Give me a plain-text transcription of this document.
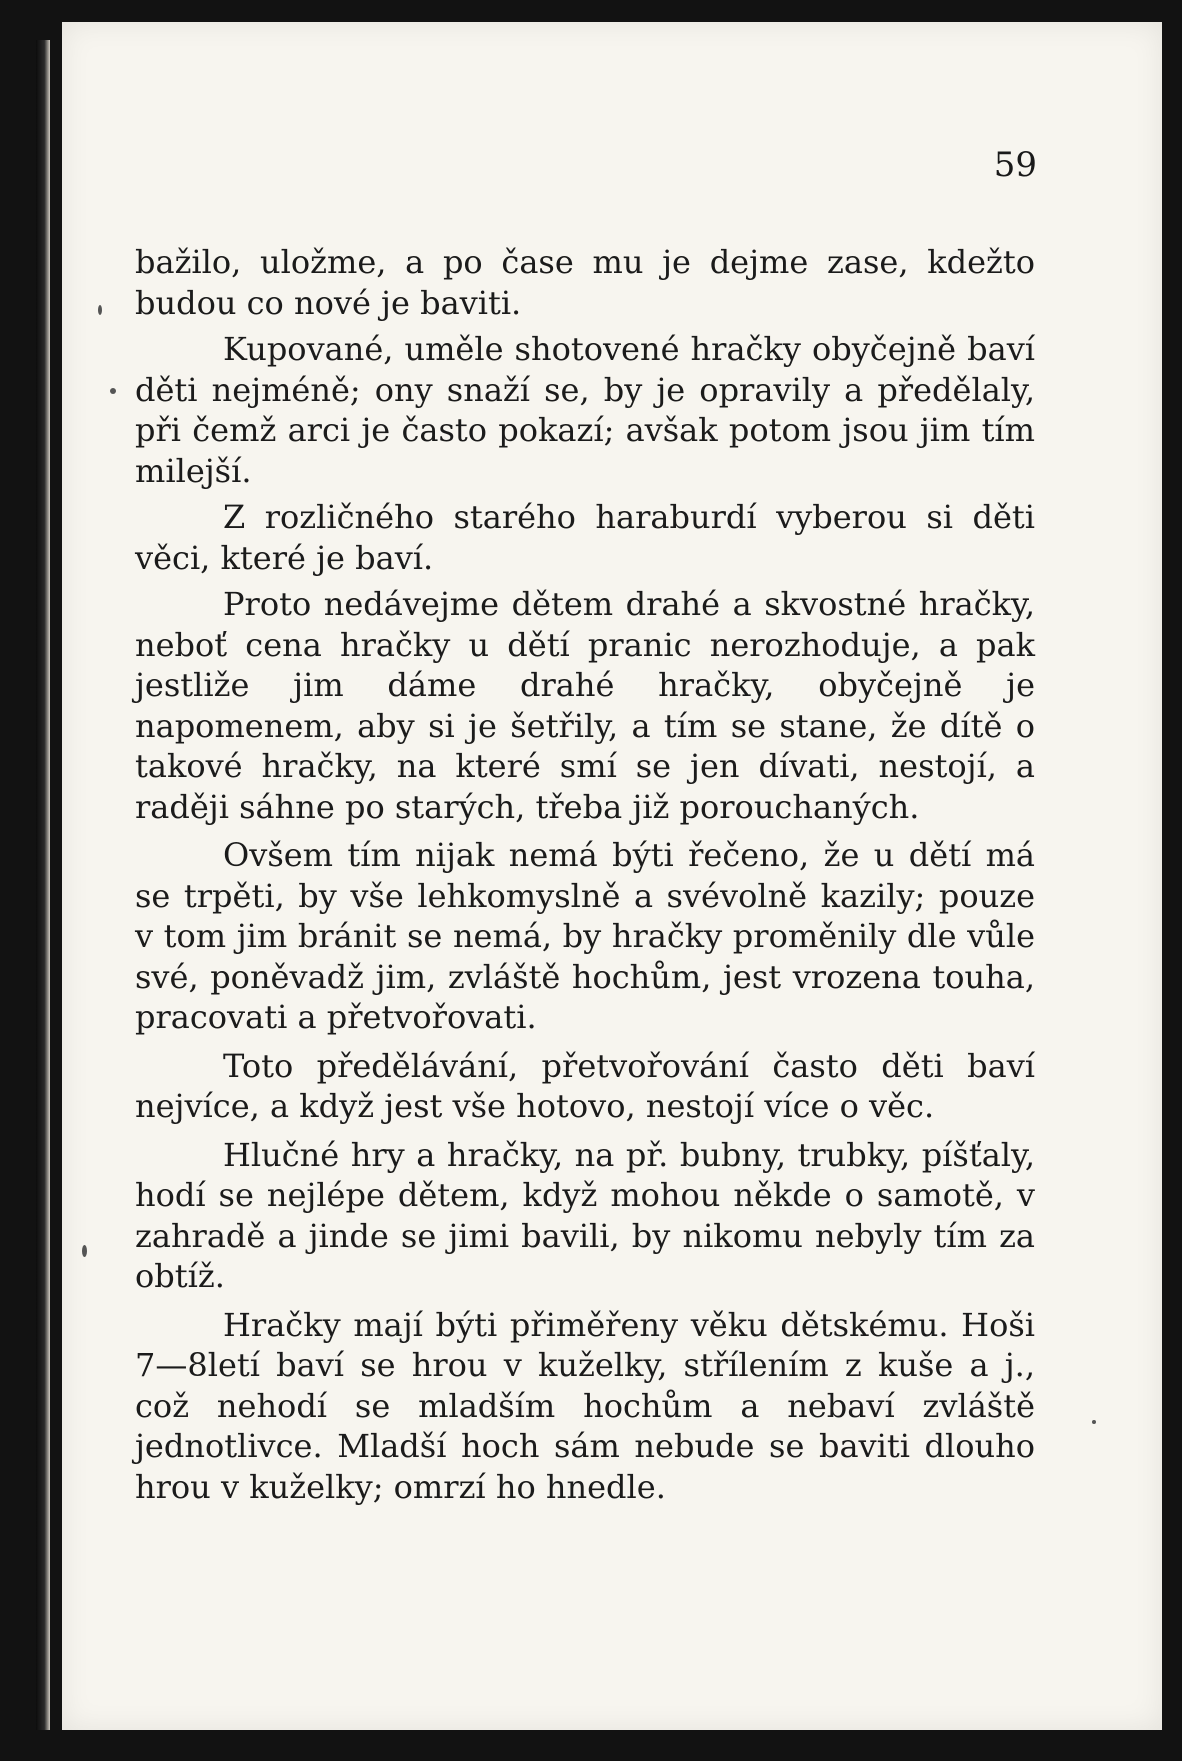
59

bažilo, uložme, a po čase mu je dejme zase, kdežto budou co nové je baviti.

Kupované, uměle shotovené hračky obyčejně baví děti nejméně; ony snaží se, by je opravily a předělaly, při čemž arci je často pokazí; avšak potom jsou jim tím milejší.

Z rozličného starého haraburdí vyberou si děti věci, které je baví.

Proto nedávejme dětem drahé a skvostné hračky, neboť cena hračky u dětí pranic nerozhoduje, a pak jestliže jim dáme drahé hračky, obyčejně je napomenem, aby si je šetřily, a tím se stane, že dítě o takové hračky, na které smí se jen dívati, nestojí, a raději sáhne po starých, třeba již porouchaných.

Ovšem tím nijak nemá býti řečeno, že u dětí má se trpěti, by vše lehkomyslně a svévolně kazily; pouze v tom jim bránit se nemá, by hračky proměnily dle vůle své, poněvadž jim, zvláště hochům, jest vrozena touha, pracovati a přetvořovati.

Toto předělávání, přetvořování často děti baví nejvíce, a když jest vše hotovo, nestojí více o věc.

Hlučné hry a hračky, na př. bubny, trubky, píšťaly, hodí se nejlépe dětem, když mohou někde o samotě, v zahradě a jinde se jimi bavili, by nikomu nebyly tím za obtíž.

Hračky mají býti přiměřeny věku dětskému. Hoši 7—8letí baví se hrou v kuželky, střílením z kuše a j., což nehodí se mladším hochům a nebaví zvláště jednotlivce. Mladší hoch sám nebude se baviti dlouho hrou v kuželky; omrzí ho hnedle.
